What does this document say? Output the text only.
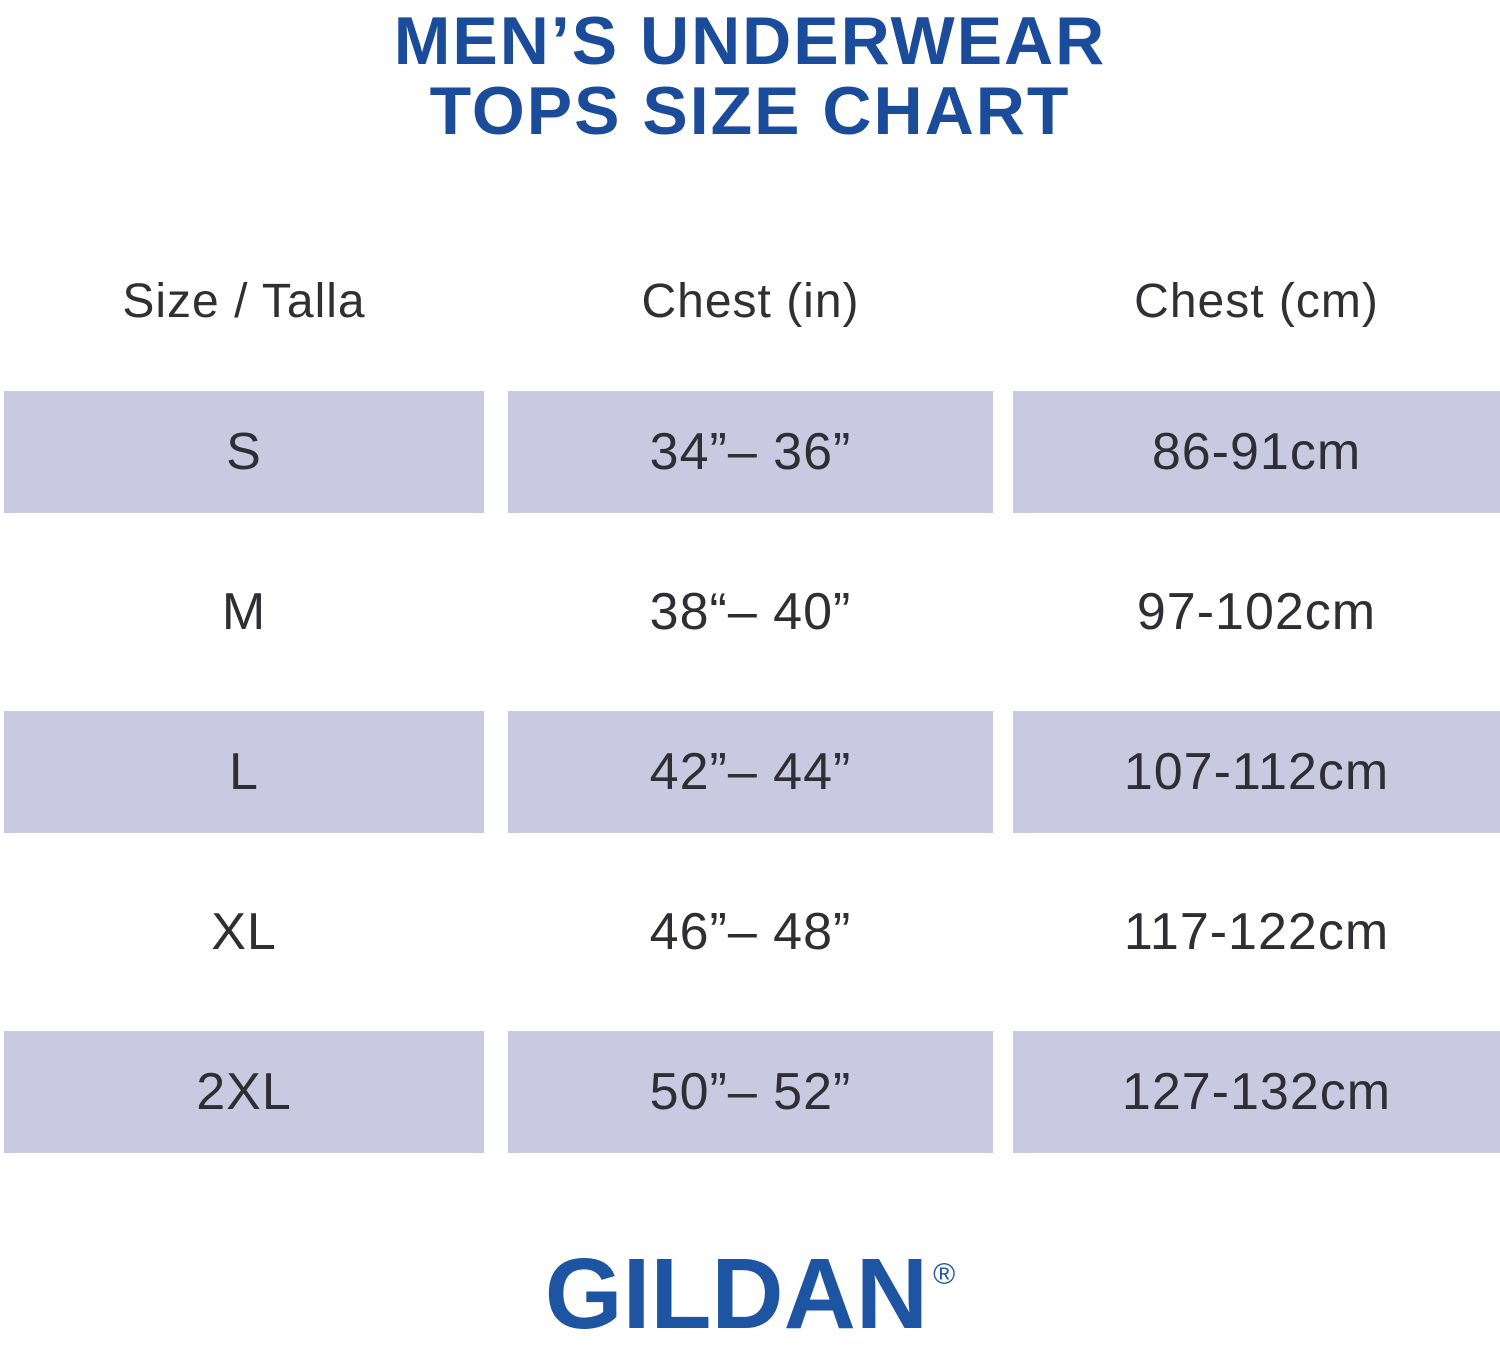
MEN’S UNDERWEAR
TOPS SIZE CHART
Size / Talla	Chest (in)	Chest (cm)
S	34”– 36”	86-91cm
M	38“– 40”	97-102cm
L	42”– 44”	107-112cm
XL	46”– 48”	117-122cm
2XL	50”– 52”	127-132cm
GILDAN ®
